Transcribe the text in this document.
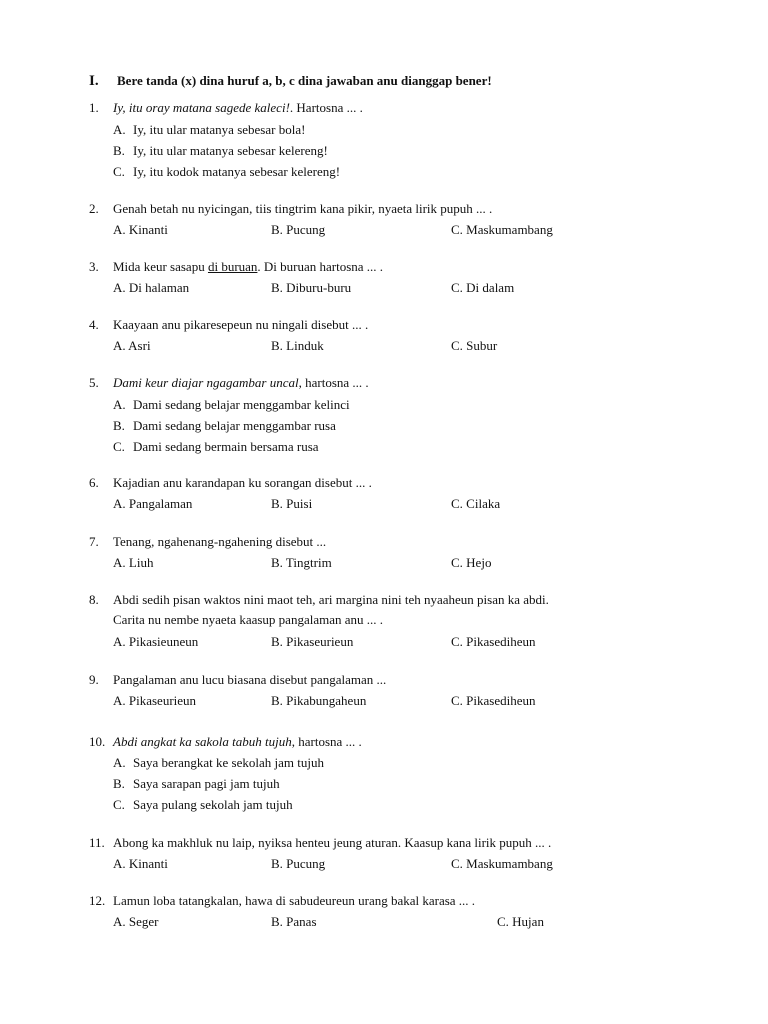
I. Bere tanda (x) dina huruf a, b, c dina jawaban anu dianggap bener!
1. Iy, itu oray matana sagede kaleci!. Hartosna ... .
A. Iy, itu ular matanya sebesar bola!
B. Iy, itu ular matanya sebesar kelereng!
C. Iy, itu kodok matanya sebesar kelereng!
2. Genah betah nu nyicingan, tiis tingtrim kana pikir, nyaeta lirik pupuh ... .
A. Kinanti	B. Pucung	C. Maskumambang
3. Mida keur sasapu di buruan. Di buruan hartosna ... .
A. Di halaman	B. Diburu-buru	C. Di dalam
4. Kaayaan anu pikaresepeun nu ningali disebut ... .
A. Asri	B. Linduk	C. Subur
5. Dami keur diajar ngagambar uncal, hartosna ... .
A. Dami sedang belajar menggambar kelinci
B. Dami sedang belajar menggambar rusa
C. Dami sedang bermain bersama rusa
6. Kajadian anu karandapan ku sorangan disebut ... .
A. Pangalaman	B. Puisi	C. Cilaka
7. Tenang, ngahenang-ngahening disebut ...
A. Liuh	B. Tingtrim	C. Hejo
8. Abdi sedih pisan waktos nini maot teh, ari margina nini teh nyaaheun pisan ka abdi.
Carita nu nembe nyaeta kaasup pangalaman anu ... .
A. Pikasieuneun	B. Pikaseurieun	C. Pikasediheun
9. Pangalaman anu lucu biasana disebut pangalaman ...
A. Pikaseurieun	B. Pikabungaheun	C. Pikasediheun
10. Abdi angkat ka sakola tabuh tujuh, hartosna ... .
A. Saya berangkat ke sekolah jam tujuh
B. Saya sarapan pagi jam tujuh
C. Saya pulang sekolah jam tujuh
11. Abong ka makhluk nu laip, nyiksa henteu jeung aturan. Kaasup kana lirik pupuh ... .
A. Kinanti	B. Pucung	C. Maskumambang
12. Lamun loba tatangkalan, hawa di sabudeureun urang bakal karasa ... .
A. Seger	B. Panas	C. Hujan
